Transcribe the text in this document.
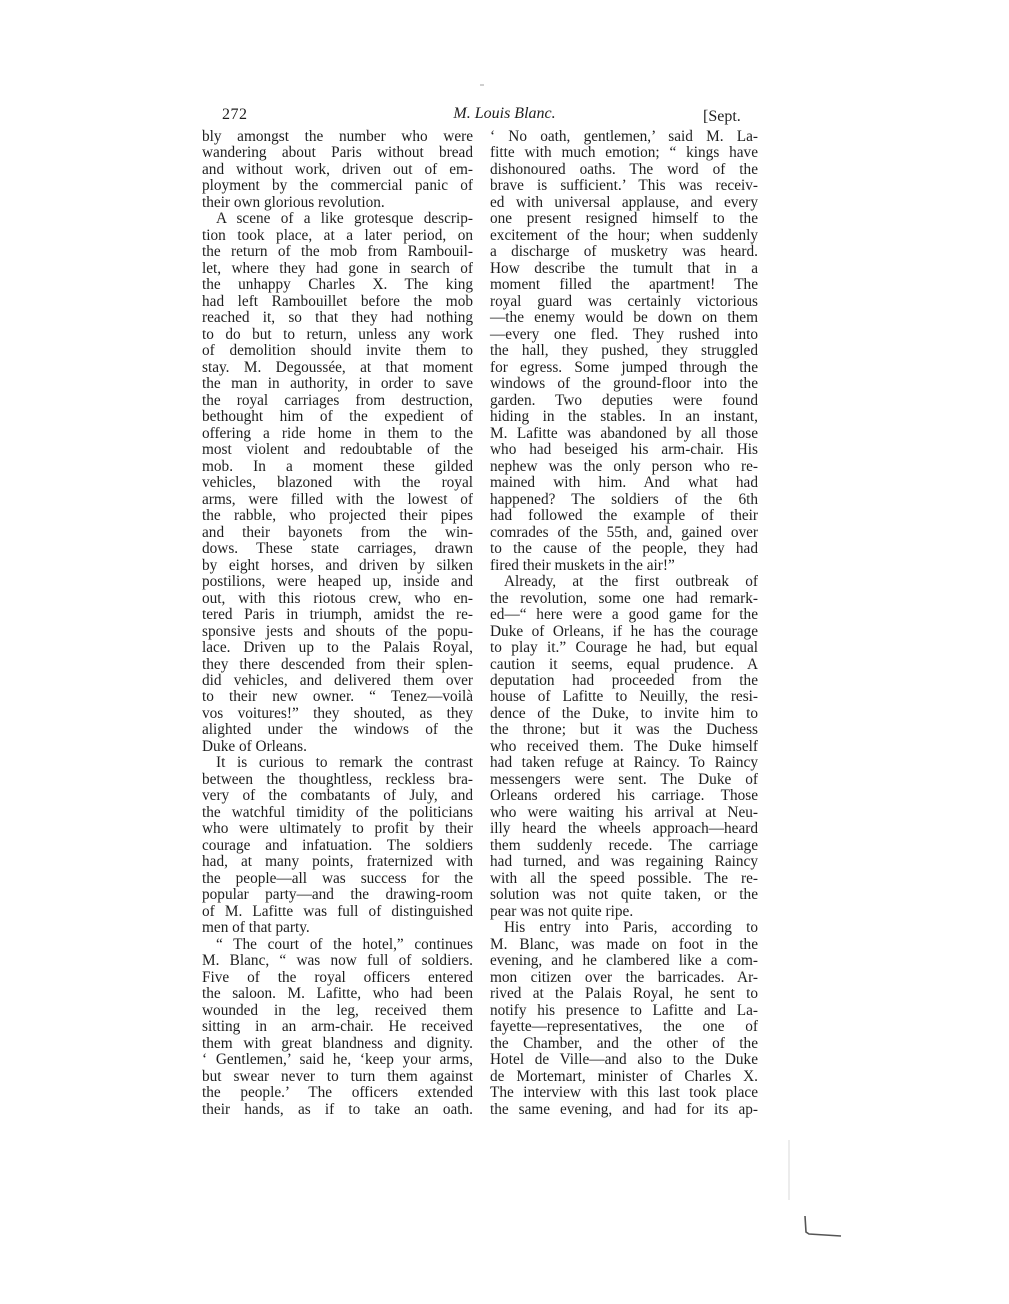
272	M. Louis Blanc.	[Sept.
bly amongst the number who were
wandering about Paris without bread
and without work, driven out of em-
ployment by the commercial panic of
their own glorious revolution.
A scene of a like grotesque descrip-
tion took place, at a later period, on
the return of the mob from Rambouil-
let, where they had gone in search of
the unhappy Charles X. The king
had left Rambouillet before the mob
reached it, so that they had nothing
to do but to return, unless any work
of demolition should invite them to
stay. M. Degoussée, at that moment
the man in authority, in order to save
the royal carriages from destruction,
bethought him of the expedient of
offering a ride home in them to the
most violent and redoubtable of the
mob. In a moment these gilded
vehicles, blazoned with the royal
arms, were filled with the lowest of
the rabble, who projected their pipes
and their bayonets from the win-
dows. These state carriages, drawn
by eight horses, and driven by silken
postilions, were heaped up, inside and
out, with this riotous crew, who en-
tered Paris in triumph, amidst the re-
sponsive jests and shouts of the popu-
lace. Driven up to the Palais Royal,
they there descended from their splen-
did vehicles, and delivered them over
to their new owner. “ Tenez—voilà
vos voitures!” they shouted, as they
alighted under the windows of the
Duke of Orleans.
It is curious to remark the contrast
between the thoughtless, reckless bra-
very of the combatants of July, and
the watchful timidity of the politicians
who were ultimately to profit by their
courage and infatuation. The soldiers
had, at many points, fraternized with
the people—all was success for the
popular party—and the drawing-room
of M. Lafitte was full of distinguished
men of that party.
“ The court of the hotel,” continues
M. Blanc, “ was now full of soldiers.
Five of the royal officers entered
the saloon. M. Lafitte, who had been
wounded in the leg, received them
sitting in an arm-chair. He received
them with great blandness and dignity.
‘ Gentlemen,’ said he, ‘keep your arms,
but swear never to turn them against
the people.’ The officers extended
their hands, as if to take an oath.
‘ No oath, gentlemen,’ said M. La-
fitte with much emotion; “ kings have
dishonoured oaths. The word of the
brave is sufficient.’ This was receiv-
ed with universal applause, and every
one present resigned himself to the
excitement of the hour; when suddenly
a discharge of musketry was heard.
How describe the tumult that in a
moment filled the apartment! The
royal guard was certainly victorious
—the enemy would be down on them
—every one fled. They rushed into
the hall, they pushed, they struggled
for egress. Some jumped through the
windows of the ground-floor into the
garden. Two deputies were found
hiding in the stables. In an instant,
M. Lafitte was abandoned by all those
who had beseiged his arm-chair. His
nephew was the only person who re-
mained with him. And what had
happened? The soldiers of the 6th
had followed the example of their
comrades of the 55th, and, gained over
to the cause of the people, they had
fired their muskets in the air!”
Already, at the first outbreak of
the revolution, some one had remark-
ed—“ here were a good game for the
Duke of Orleans, if he has the courage
to play it.” Courage he had, but equal
caution it seems, equal prudence. A
deputation had proceeded from the
house of Lafitte to Neuilly, the resi-
dence of the Duke, to invite him to
the throne; but it was the Duchess
who received them. The Duke himself
had taken refuge at Raincy. To Raincy
messengers were sent. The Duke of
Orleans ordered his carriage. Those
who were waiting his arrival at Neu-
illy heard the wheels approach—heard
them suddenly recede. The carriage
had turned, and was regaining Raincy
with all the speed possible. The re-
solution was not quite taken, or the
pear was not quite ripe.
His entry into Paris, according to
M. Blanc, was made on foot in the
evening, and he clambered like a com-
mon citizen over the barricades. Ar-
rived at the Palais Royal, he sent to
notify his presence to Lafitte and La-
fayette—representatives, the one of
the Chamber, and the other of the
Hotel de Ville—and also to the Duke
de Mortemart, minister of Charles X.
The interview with this last took place
the same evening, and had for its ap-
